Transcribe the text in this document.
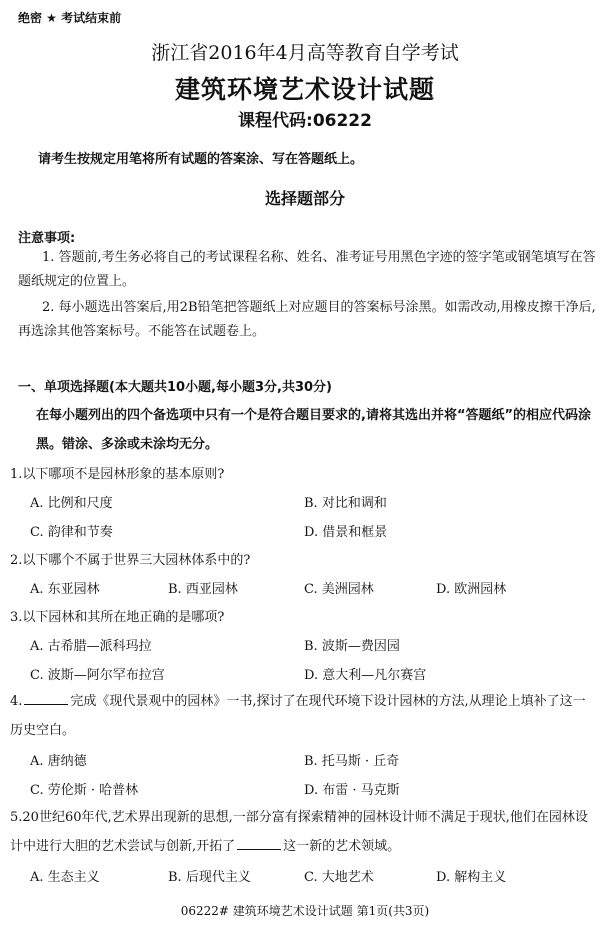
绝密 ★ 考试结束前
浙江省2016年4月高等教育自学考试
建筑环境艺术设计试题
课程代码:06222
请考生按规定用笔将所有试题的答案涂、写在答题纸上。
选择题部分
注意事项:
1. 答题前,考生务必将自己的考试课程名称、姓名、准考证号用黑色字迹的签字笔或钢笔填写在答题纸规定的位置上。
2. 每小题选出答案后,用2B铅笔把答题纸上对应题目的答案标号涂黑。如需改动,用橡皮擦干净后,再选涂其他答案标号。不能答在试题卷上。
一、单项选择题(本大题共10小题,每小题3分,共30分)
在每小题列出的四个备选项中只有一个是符合题目要求的,请将其选出并将“答题纸”的相应代码涂黑。错涂、多涂或未涂均无分。
1.以下哪项不是园林形象的基本原则?
A. 比例和尺度	B. 对比和调和
C. 韵律和节奏	D. 借景和框景
2.以下哪个不属于世界三大园林体系中的?
A. 东亚园林	B. 西亚园林	C. 美洲园林	D. 欧洲园林
3.以下园林和其所在地正确的是哪项?
A. 古希腊—派科玛拉	B. 波斯—费因园
C. 波斯—阿尔罕布拉宫	D. 意大利—凡尔赛宫
4.	完成《现代景观中的园林》一书,探讨了在现代环境下设计园林的方法,从理论上填补了这一历史空白。
A. 唐纳德	B. 托马斯 · 丘奇
C. 劳伦斯 · 哈普林	D. 布雷 · 马克斯
5.20世纪60年代,艺术界出现新的思想,一部分富有探索精神的园林设计师不满足于现状,他们在园林设计中进行大胆的艺术尝试与创新,开拓了	这一新的艺术领域。
A. 生态主义	B. 后现代主义	C. 大地艺术	D. 解构主义
06222# 建筑环境艺术设计试题 第1页(共3页)
